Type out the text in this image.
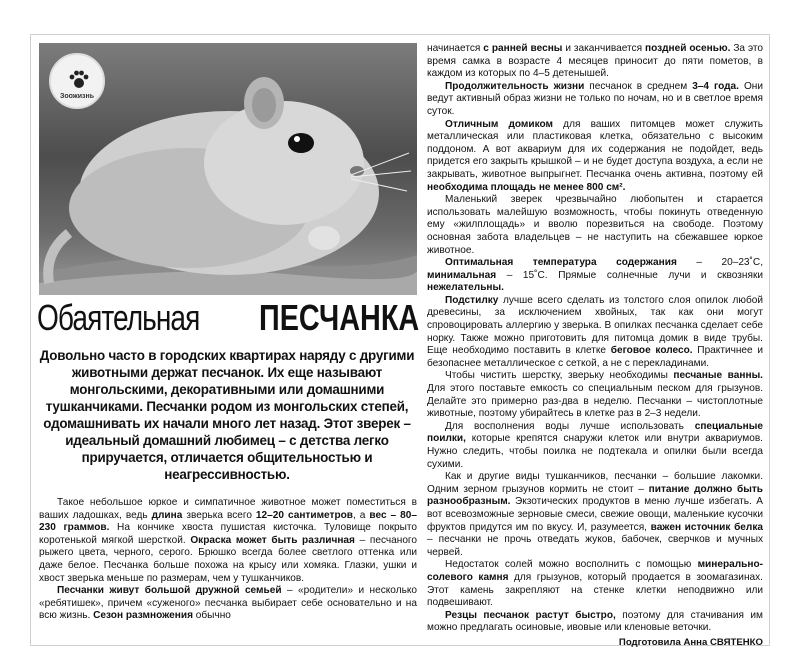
Зоожизнь
Обаятельная ПЕСЧАНКА

Довольно часто в городских квартирах наряду с другими животными держат песчанок. Их еще называют монгольскими, декоративными или домашними тушканчиками. Песчанки родом из монгольских степей, одомашнивать их начали много лет назад. Этот зверек – идеальный домашний любимец – с детства легко приручается, отличается общительностью и неагрессивностью.

Такое небольшое юркое и симпатичное животное может поместиться в ваших ладошках, ведь длина зверька всего 12–20 сантиметров, а вес – 80–230 граммов. На кончике хвоста пушистая кисточка. Туловище покрыто коротенькой мягкой шерсткой. Окраска может быть различная – песчаного рыжего цвета, черного, серого. Брюшко всегда более светлого оттенка или даже белое. Песчанка больше похожа на крысу или хомяка. Глазки, ушки и хвост зверька меньше по размерам, чем у тушканчиков.

Песчанки живут большой дружной семьей – «родители» и несколько «ребятишек», причем «суженого» песчанка выбирает себе основательно и на всю жизнь. Сезон размножения обычно

начинается с ранней весны и заканчивается поздней осенью. За это время самка в возрасте 4 месяцев приносит до пяти пометов, в каждом из которых по 4–5 детенышей.

Продолжительность жизни песчанок в среднем 3–4 года. Они ведут активный образ жизни не только по ночам, но и в светлое время суток.

Отличным домиком для ваших питомцев может служить металлическая или пластиковая клетка, обязательно с высоким поддоном. А вот аквариум для их содержания не подойдет, ведь придется его закрыть крышкой – и не будет доступа воздуха, а если не закрывать, животное выпрыгнет. Песчанка очень активна, поэтому ей необходима площадь не менее 800 см².

Маленький зверек чрезвычайно любопытен и старается использовать малейшую возможность, чтобы покинуть отведенную ему «жилплощадь» и вволю порезвиться на свободе. Поэтому основная забота владельцев – не наступить на сбежавшее юркое животное.

Оптимальная температура содержания – 20–23˚С, минимальная – 15˚С. Прямые солнечные лучи и сквозняки нежелательны.

Подстилку лучше всего сделать из толстого слоя опилок любой древесины, за исключением хвойных, так как они могут спровоцировать аллергию у зверька. В опилках песчанка сделает себе норку. Также можно приготовить для питомца домик в виде трубы. Еще необходимо поставить в клетке беговое колесо. Практичнее и безопаснее металлическое с сеткой, а не с перекладинами.

Чтобы чистить шерстку, зверьку необходимы песчаные ванны. Для этого поставьте емкость со специальным песком для грызунов. Делайте это примерно раз-два в неделю. Песчанки – чистоплотные животные, поэтому убирайтесь в клетке раз в 2–3 недели.

Для восполнения воды лучше использовать специальные поилки, которые крепятся снаружи клеток или внутри аквариумов. Нужно следить, чтобы поилка не подтекала и опилки были всегда сухими.

Как и другие виды тушканчиков, песчанки – большие лакомки. Одним зерном грызунов кормить не стоит – питание должно быть разнообразным. Экзотических продуктов в меню лучше избегать. А вот всевозможные зерновые смеси, свежие овощи, маленькие кусочки фруктов придутся им по вкусу. И, разумеется, важен источник белка – песчанки не прочь отведать жуков, бабочек, сверчков и мучных червей.

Недостаток солей можно восполнить с помощью минерально-солевого камня для грызунов, который продается в зоомагазинах. Этот камень закрепляют на стенке клетки неподвижно или подвешивают.

Резцы песчанок растут быстро, поэтому для стачивания им можно предлагать осиновые, ивовые или кленовые веточки.

Подготовила Анна СВЯТЕНКО
